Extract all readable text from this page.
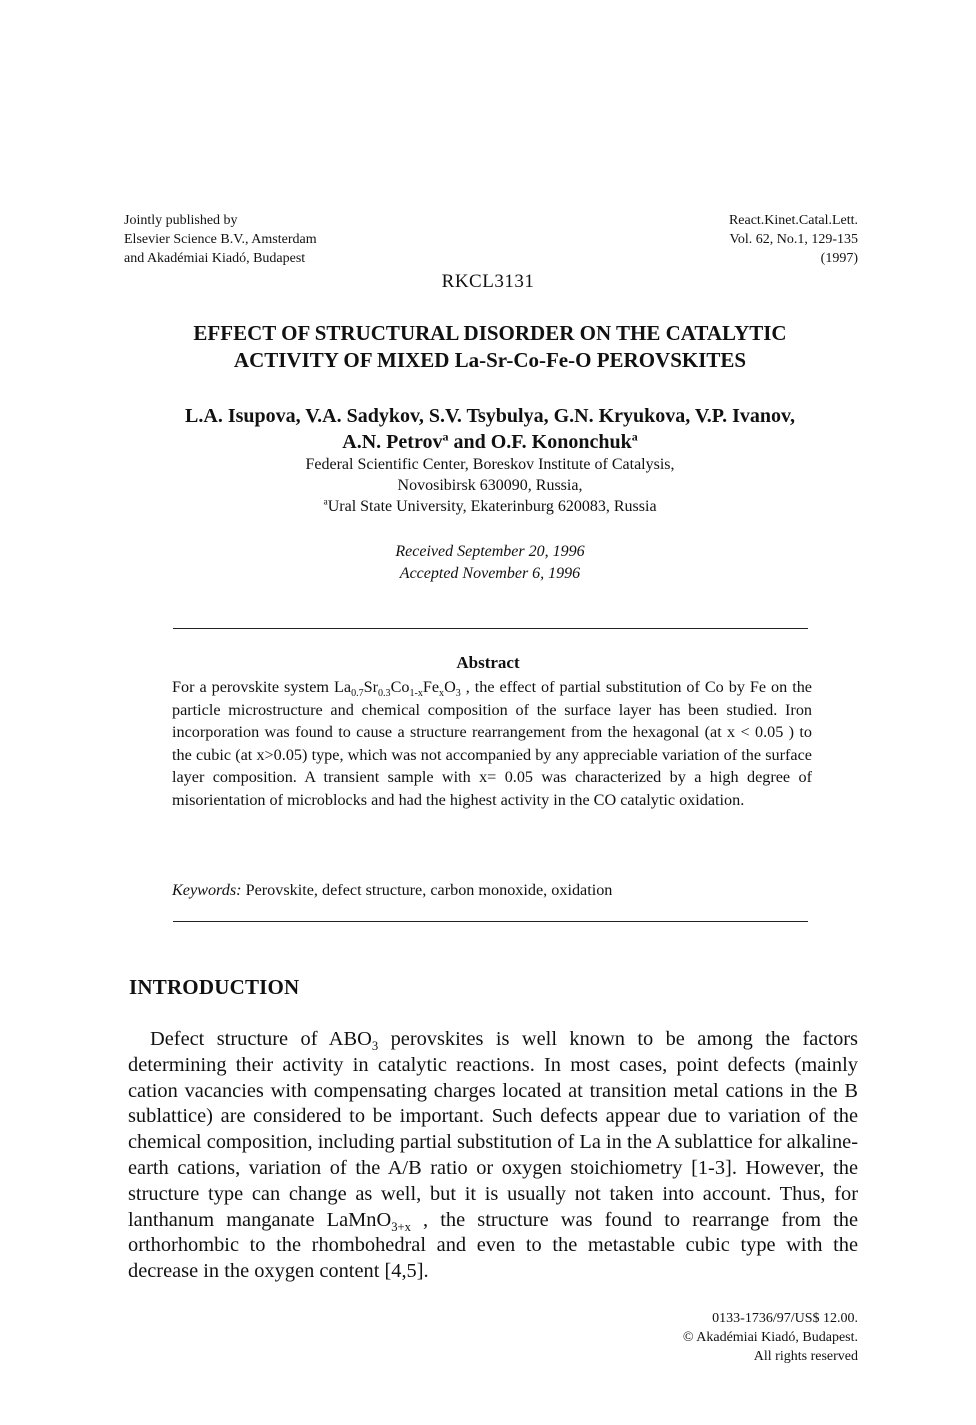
Jointly published by
Elsevier Science B.V., Amsterdam
and Akadémiai Kiadó, Budapest
React.Kinet.Catal.Lett.
Vol. 62, No.1, 129-135
(1997)
RKCL3131
EFFECT OF STRUCTURAL DISORDER ON THE CATALYTIC
ACTIVITY OF MIXED La-Sr-Co-Fe-O PEROVSKITES
L.A. Isupova, V.A. Sadykov, S.V. Tsybulya, G.N. Kryukova, V.P. Ivanov,
A.N. Petrov$^a$ and O.F. Kononchuk$^a$
Federal Scientific Center, Boreskov Institute of Catalysis,
Novosibirsk 630090, Russia,
$^a$Ural State University, Ekaterinburg 620083, Russia
Received September 20, 1996
Accepted November 6, 1996
Abstract
For a perovskite system $La_{0.7}Sr_{0.3}Co_{1-x}Fe_xO_3$ , the effect of partial substitution of Co by Fe on the particle microstructure and chemical composition of the surface layer has been studied. Iron incorporation was found to cause a structure rearrangement from the hexagonal (at x < 0.05 ) to the cubic (at x>0.05) type, which was not accompanied by any appreciable variation of the surface layer composition. A transient sample with x= 0.05 was characterized by a high degree of misorientation of microblocks and had the highest activity in the CO catalytic oxidation.
Keywords: Perovskite, defect structure, carbon monoxide, oxidation
INTRODUCTION

Defect structure of $ABO_3$ perovskites is well known to be among the factors determining their activity in catalytic reactions. In most cases, point defects (mainly cation vacancies with compensating charges located at transition metal cations in the B sublattice) are considered to be important. Such defects appear due to variation of the chemical composition, including partial substitution of La in the A sublattice for alkaline-earth cations, variation of the A/B ratio or oxygen stoichiometry [1-3]. However, the structure type can change as well, but it is usually not taken into account. Thus, for lanthanum manganate LaMnO$_{3+x}$ , the structure was found to rearrange from the orthorhombic to the rhombohedral and even to the metastable cubic type with the decrease in the oxygen content [4,5].

0133-1736/97/US$ 12.00.
© Akadémiai Kiadó, Budapest.
All rights reserved
